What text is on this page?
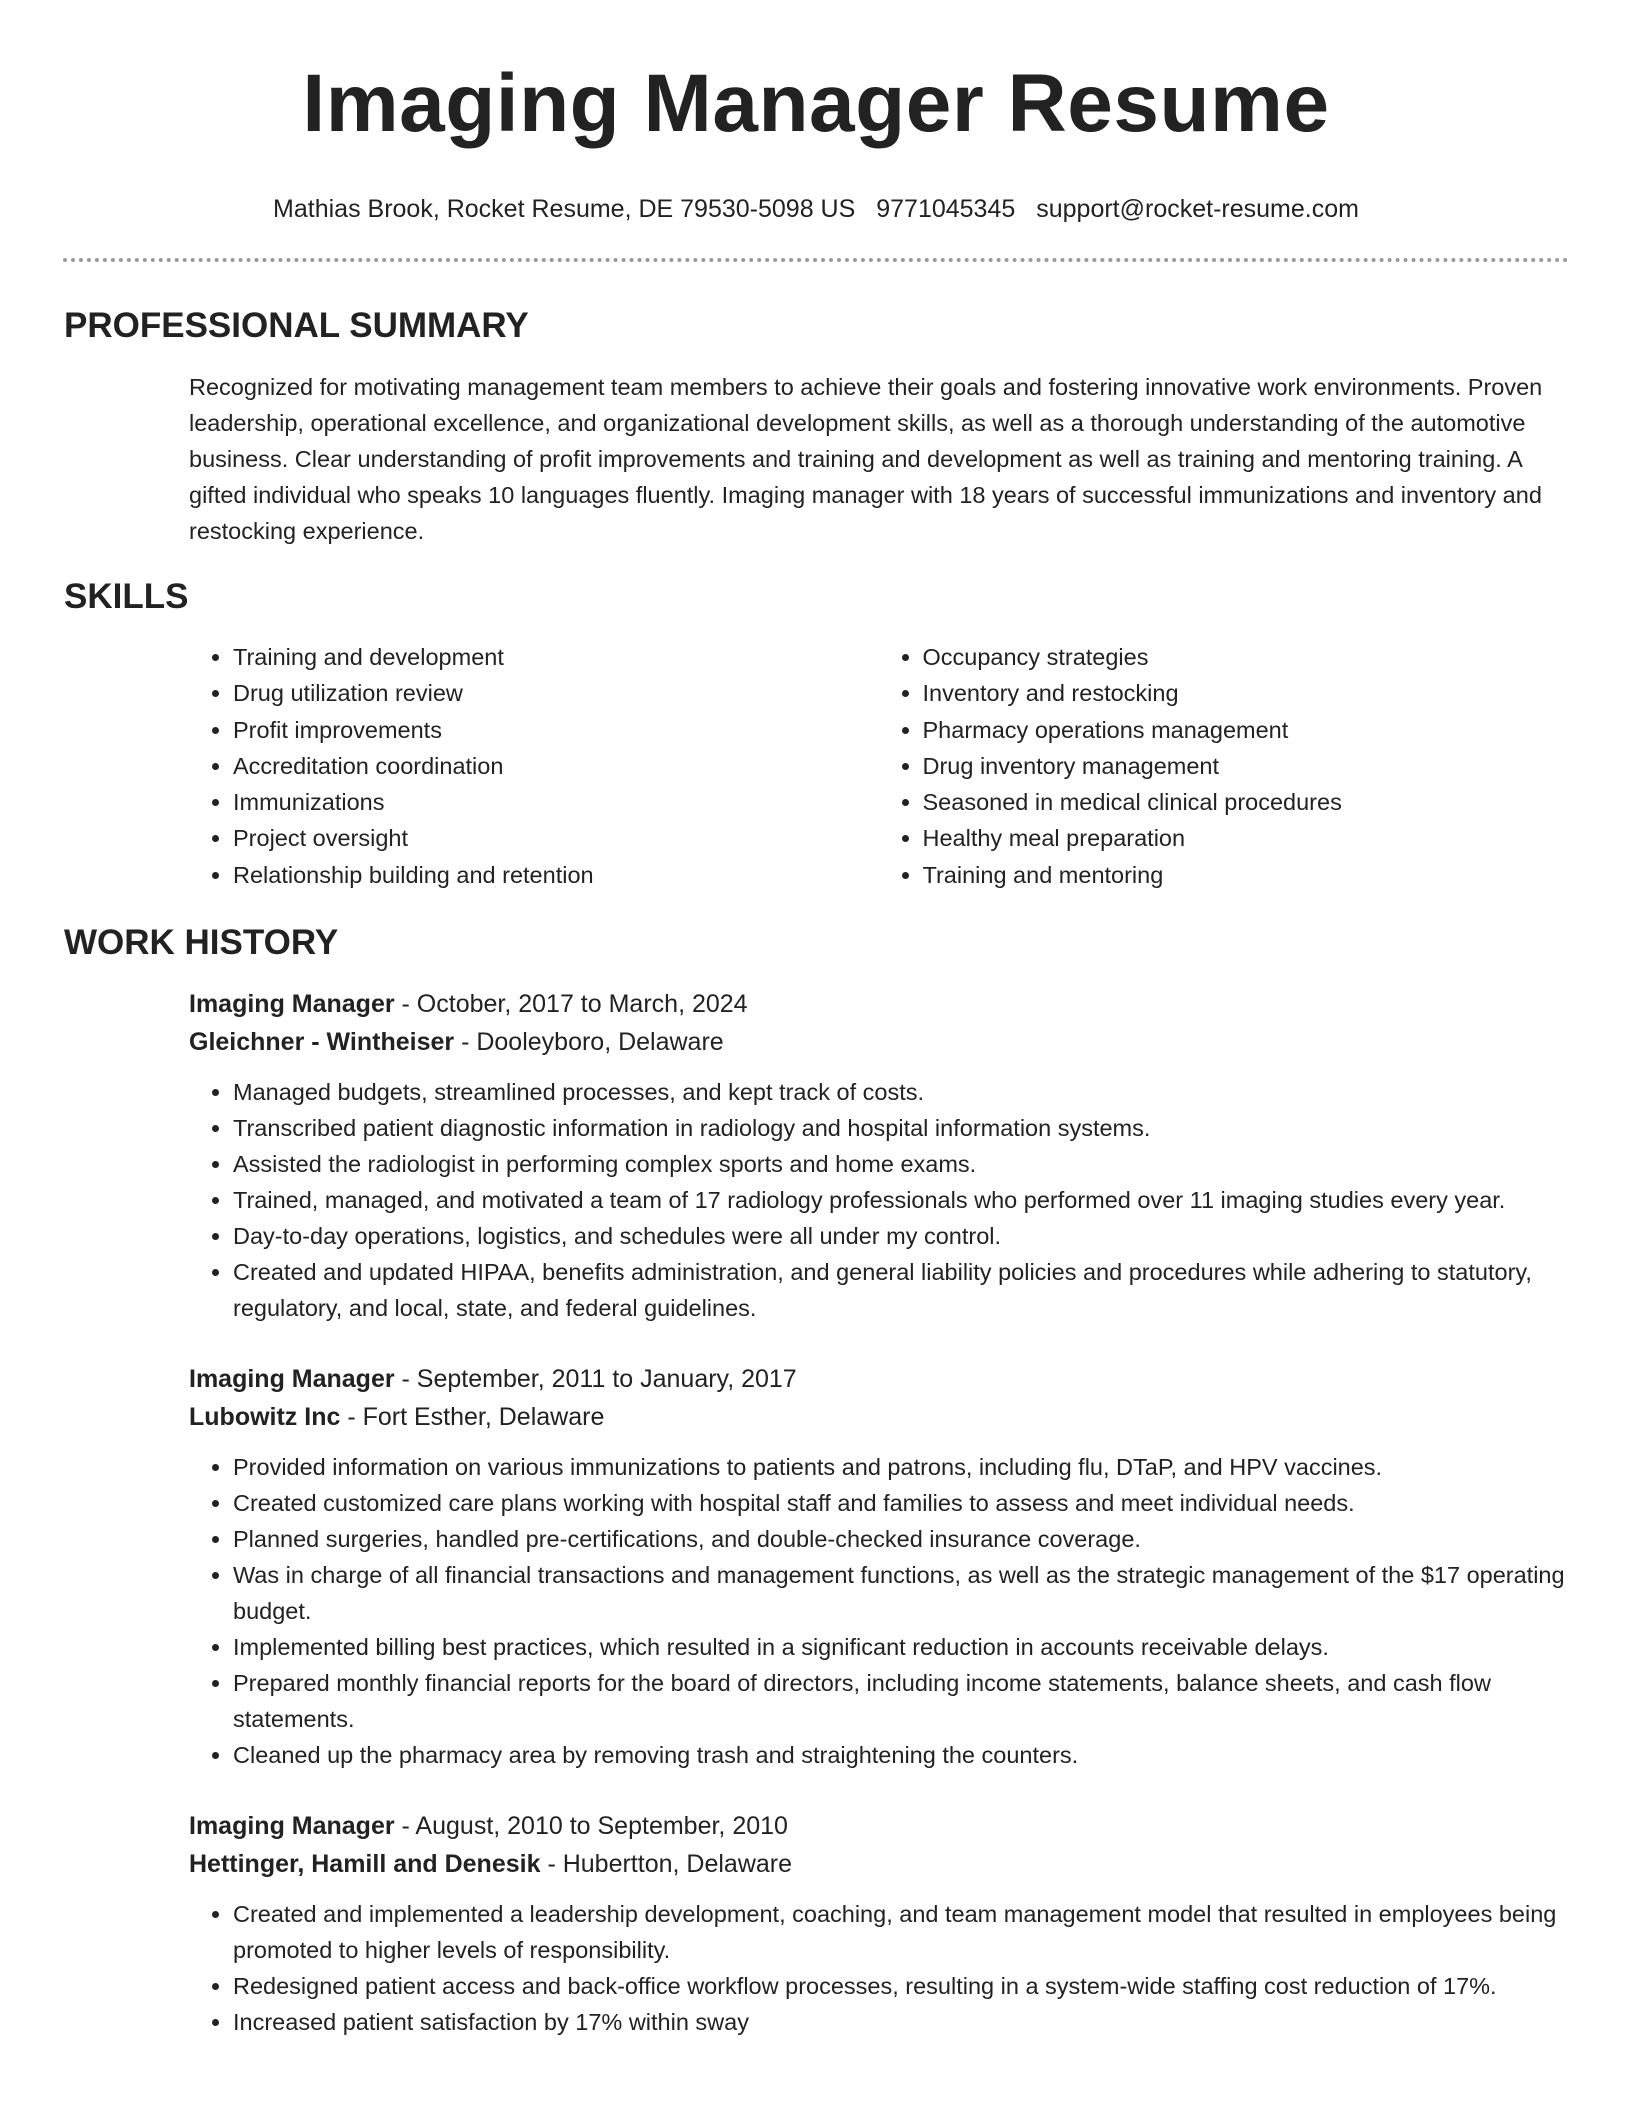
Imaging Manager Resume
Mathias Brook, Rocket Resume, DE 79530-5098 US 9771045345 support@rocket-resume.com
PROFESSIONAL SUMMARY

Recognized for motivating management team members to achieve their goals and fostering innovative work environments. Proven leadership, operational excellence, and organizational development skills, as well as a thorough understanding of the automotive business. Clear understanding of profit improvements and training and development as well as training and mentoring training. A gifted individual who speaks 10 languages fluently. Imaging manager with 18 years of successful immunizations and inventory and restocking experience.

SKILLS
• Training and development
• Drug utilization review
• Profit improvements
• Accreditation coordination
• Immunizations
• Project oversight
• Relationship building and retention
• Occupancy strategies
• Inventory and restocking
• Pharmacy operations management
• Drug inventory management
• Seasoned in medical clinical procedures
• Healthy meal preparation
• Training and mentoring
WORK HISTORY
Imaging Manager - October, 2017 to March, 2024
Gleichner - Wintheiser - Dooleyboro, Delaware
• Managed budgets, streamlined processes, and kept track of costs.
• Transcribed patient diagnostic information in radiology and hospital information systems.
• Assisted the radiologist in performing complex sports and home exams.
• Trained, managed, and motivated a team of 17 radiology professionals who performed over 11 imaging studies every year.
• Day-to-day operations, logistics, and schedules were all under my control.
• Created and updated HIPAA, benefits administration, and general liability policies and procedures while adhering to statutory, regulatory, and local, state, and federal guidelines.
Imaging Manager - September, 2011 to January, 2017
Lubowitz Inc - Fort Esther, Delaware
• Provided information on various immunizations to patients and patrons, including flu, DTaP, and HPV vaccines.
• Created customized care plans working with hospital staff and families to assess and meet individual needs.
• Planned surgeries, handled pre-certifications, and double-checked insurance coverage.
• Was in charge of all financial transactions and management functions, as well as the strategic management of the $17 operating budget.
• Implemented billing best practices, which resulted in a significant reduction in accounts receivable delays.
• Prepared monthly financial reports for the board of directors, including income statements, balance sheets, and cash flow statements.
• Cleaned up the pharmacy area by removing trash and straightening the counters.
Imaging Manager - August, 2010 to September, 2010
Hettinger, Hamill and Denesik - Hubertton, Delaware
• Created and implemented a leadership development, coaching, and team management model that resulted in employees being promoted to higher levels of responsibility.
• Redesigned patient access and back-office workflow processes, resulting in a system-wide staffing cost reduction of 17%.
• Increased patient satisfaction by 17% within sway
